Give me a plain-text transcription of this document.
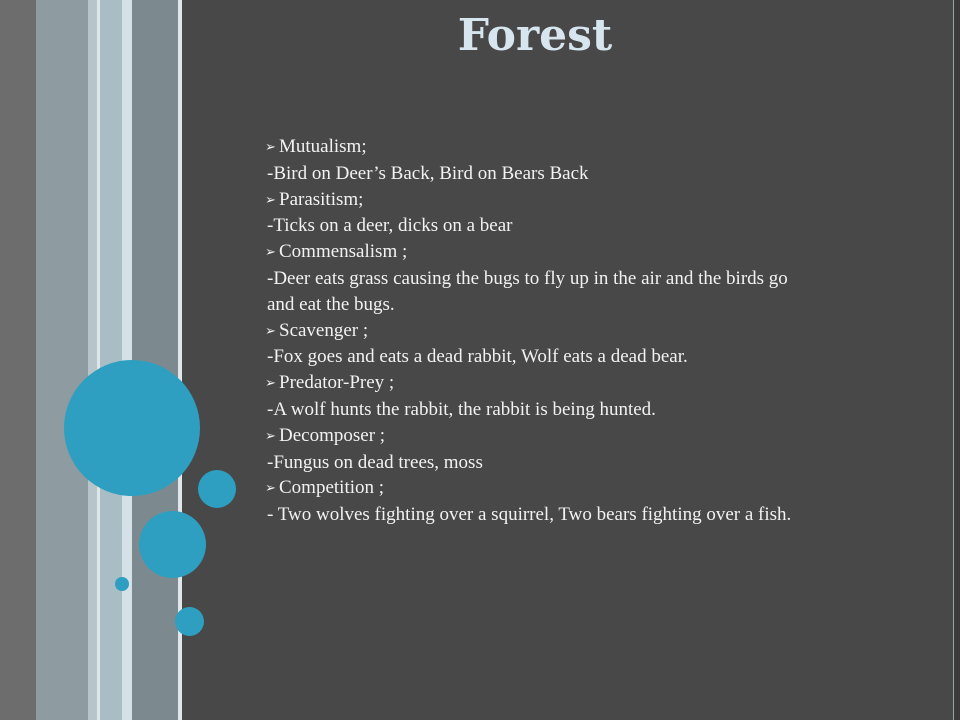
Forest

➢ Mutualism;

-Bird on Deer’s Back, Bird on Bears Back

➢ Parasitism;

-Ticks on a deer, dicks on a bear

➢ Commensalism ;

-Deer eats grass causing the bugs to fly up in the air and the birds go and eat the bugs.

➢ Scavenger ;

-Fox goes and eats a dead rabbit, Wolf eats a dead bear.

➢ Predator-Prey ;

-A wolf hunts the rabbit, the rabbit is being hunted.

➢ Decomposer ;

-Fungus on dead trees, moss

➢ Competition ;

- Two wolves fighting over a squirrel, Two bears fighting over a fish.
